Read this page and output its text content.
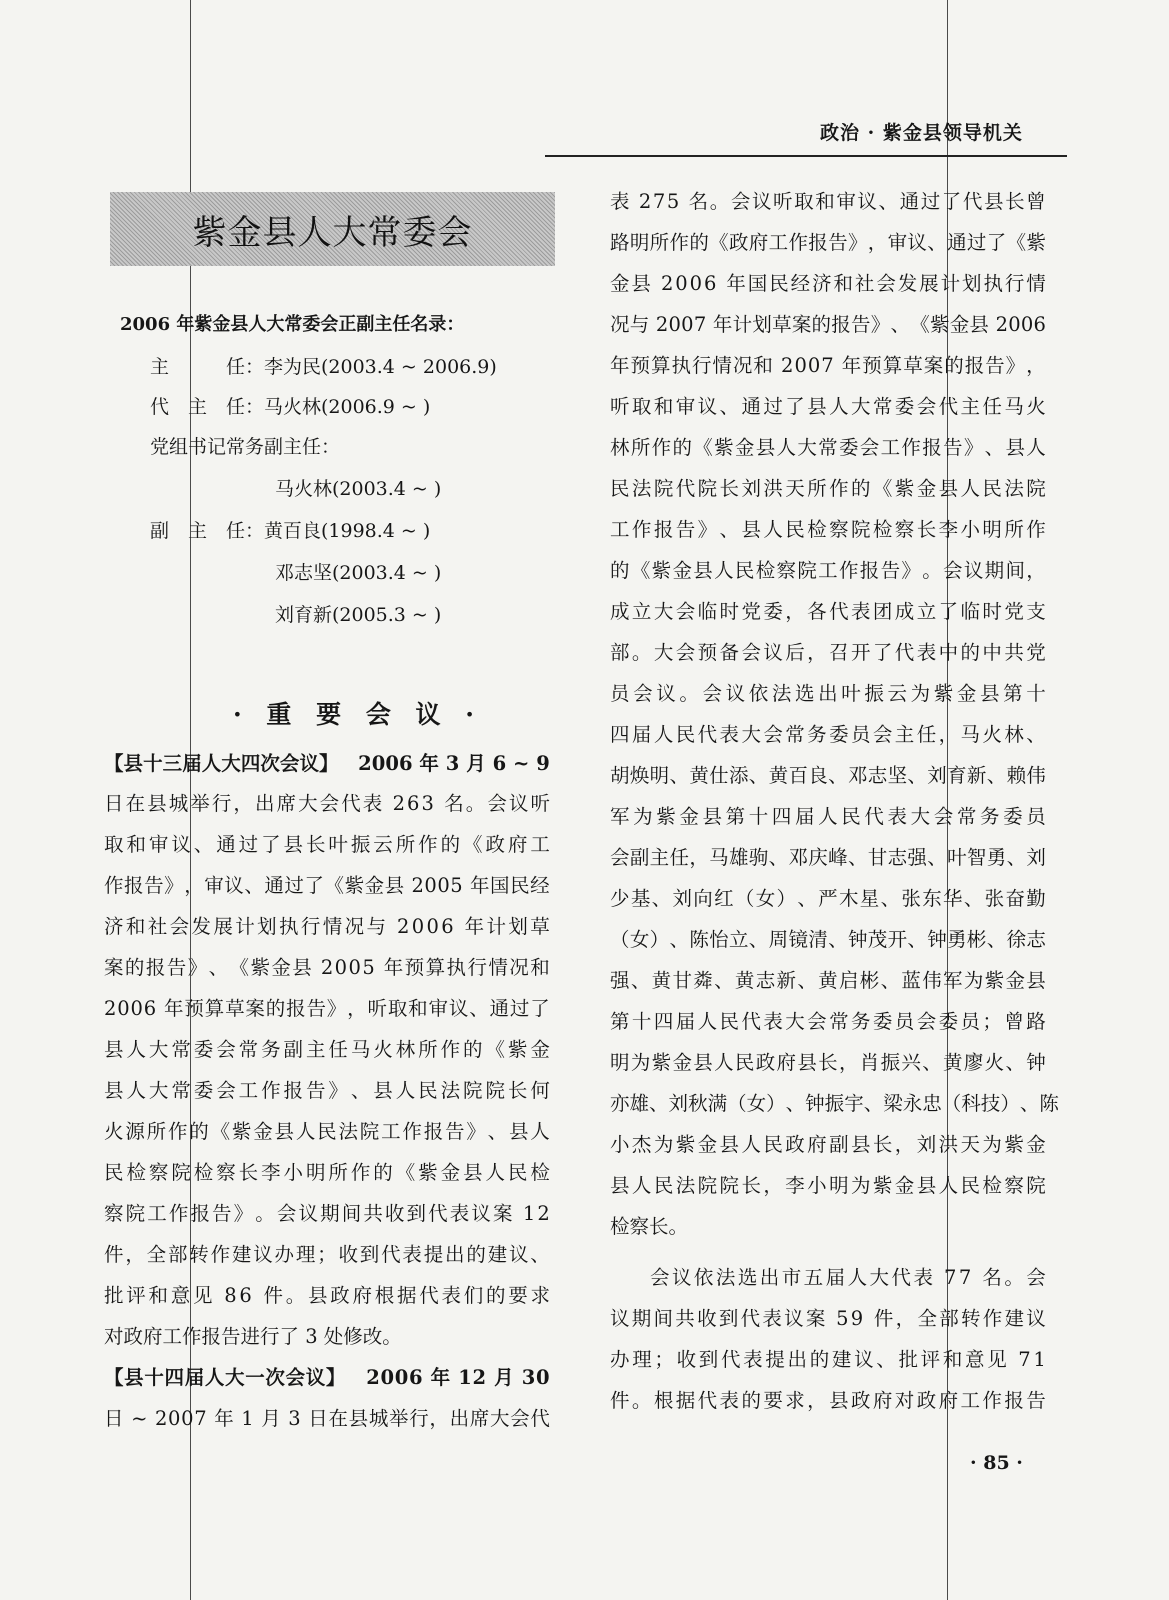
政治 · 紫金县领导机关
紫金县人大常委会
2006 年紫金县人大常委会正副主任名录：
主　　　任：李为民(2003.4 ~ 2006.9)
代　主　任：马火林(2006.9 ~ )
党组书记常务副主任：
马火林(2003.4 ~ )
副　主　任：黄百良(1998.4 ~ )
邓志坚(2003.4 ~ )
刘育新(2005.3 ~ )
· 重 要 会 议 ·
【 县 十 三 届 人 大 四 次 会 议 】
　 2 0 0 6
年
3
月
6
~
9
日 在 县 城 举 行 ， 出 席 大 会 代 表
2 6 3
名 。 会 议 听
取 和 审 议 、 通 过 了 县 长 叶 振 云 所 作 的 《 政 府 工
作 报 告 》 ， 审 议 、 通 过 了 《 紫 金 县
2 0 0 5
年 国 民 经
济 和 社 会 发 展 计 划 执 行 情 况 与
2 0 0 6
年 计 划 草
案 的 报 告 》 、 《 紫 金 县
2 0 0 5
年 预 算 执 行 情 况 和
2 0 0 6
年 预 算 草 案 的 报 告 》 ， 听 取 和 审 议 、 通 过 了
县 人 大 常 委 会 常 务 副 主 任 马 火 林 所 作 的 《 紫 金
县 人 大 常 委 会 工 作 报 告 》 、 县 人 民 法 院 院 长 何
火 源 所 作 的 《 紫 金 县 人 民 法 院 工 作 报 告 》 、 县 人
民 检 察 院 检 察 长 李 小 明 所 作 的 《 紫 金 县 人 民 检
察 院 工 作 报 告 》 。 会 议 期 间 共 收 到 代 表 议 案
1 2
件 ， 全 部 转 作 建 议 办 理 ； 收 到 代 表 提 出 的 建 议 、
批 评 和 意 见
8 6
件 。 县 政 府 根 据 代 表 们 的 要 求
对政府工作报告进行了 3 处修改。
【 县 十 四 届 人 大 一 次 会 议 】
　 2 0 0 6
年
1 2
月
3 0
日
~
2 0 0 7
年
1
月
3
日 在 县 城 举 行 ， 出 席 大 会 代
表
2 7 5
名 。 会 议 听 取 和 审 议 、 通 过 了 代 县 长 曾
路 明 所 作 的 《 政 府 工 作 报 告 》 ， 审 议 、 通 过 了 《 紫
金 县
2 0 0 6
年 国 民 经 济 和 社 会 发 展 计 划 执 行 情
况 与
2 0 0 7
年 计 划 草 案 的 报 告 》 、 《 紫 金 县
2 0 0 6
年 预 算 执 行 情 况 和
2 0 0 7
年 预 算 草 案 的 报 告 》 ，
听 取 和 审 议 、 通 过 了 县 人 大 常 委 会 代 主 任 马 火
林 所 作 的 《 紫 金 县 人 大 常 委 会 工 作 报 告 》 、 县 人
民 法 院 代 院 长 刘 洪 天 所 作 的 《 紫 金 县 人 民 法 院
工 作 报 告 》 、 县 人 民 检 察 院 检 察 长 李 小 明 所 作
的 《 紫 金 县 人 民 检 察 院 工 作 报 告 》 。 会 议 期 间 ，
成 立 大 会 临 时 党 委 ， 各 代 表 团 成 立 了 临 时 党 支
部 。 大 会 预 备 会 议 后 ， 召 开 了 代 表 中 的 中 共 党
员 会 议 。 会 议 依 法 选 出 叶 振 云 为 紫 金 县 第 十
四 届 人 民 代 表 大 会 常 务 委 员 会 主 任 ， 马 火 林 、
胡 焕 明 、 黄 仕 添 、 黄 百 良 、 邓 志 坚 、 刘 育 新 、 赖 伟
军 为 紫 金 县 第 十 四 届 人 民 代 表 大 会 常 务 委 员
会 副 主 任 ， 马 雄 驹 、 邓 庆 峰 、 甘 志 强 、 叶 智 勇 、 刘
少 基 、 刘 向 红 （ 女 ） 、 严 木 星 、 张 东 华 、 张 奋 勤
（ 女 ） 、 陈 怡 立 、 周 镜 清 、 钟 茂 开 、 钟 勇 彬 、 徐 志
强 、 黄 甘 粦 、 黄 志 新 、 黄 启 彬 、 蓝 伟 军 为 紫 金 县
第 十 四 届 人 民 代 表 大 会 常 务 委 员 会 委 员 ； 曾 路
明 为 紫 金 县 人 民 政 府 县 长 ， 肖 振 兴 、 黄 廖 火 、 钟
亦 雄 、 刘 秋 满 （ 女 ） 、 钟 振 宇 、 梁 永 忠 （ 科 技 ） 、 陈
小 杰 为 紫 金 县 人 民 政 府 副 县 长 ， 刘 洪 天 为 紫 金
县 人 民 法 院 院 长 ， 李 小 明 为 紫 金 县 人 民 检 察 院
检察长。
会 议 依 法 选 出 市 五 届 人 大 代 表
7 7
名 。 会
议 期 间 共 收 到 代 表 议 案
5 9
件 ， 全 部 转 作 建 议
办 理 ； 收 到 代 表 提 出 的 建 议 、 批 评 和 意 见
7 1
件 。 根 据 代 表 的 要 求 ， 县 政 府 对 政 府 工 作 报 告
· 85 ·
